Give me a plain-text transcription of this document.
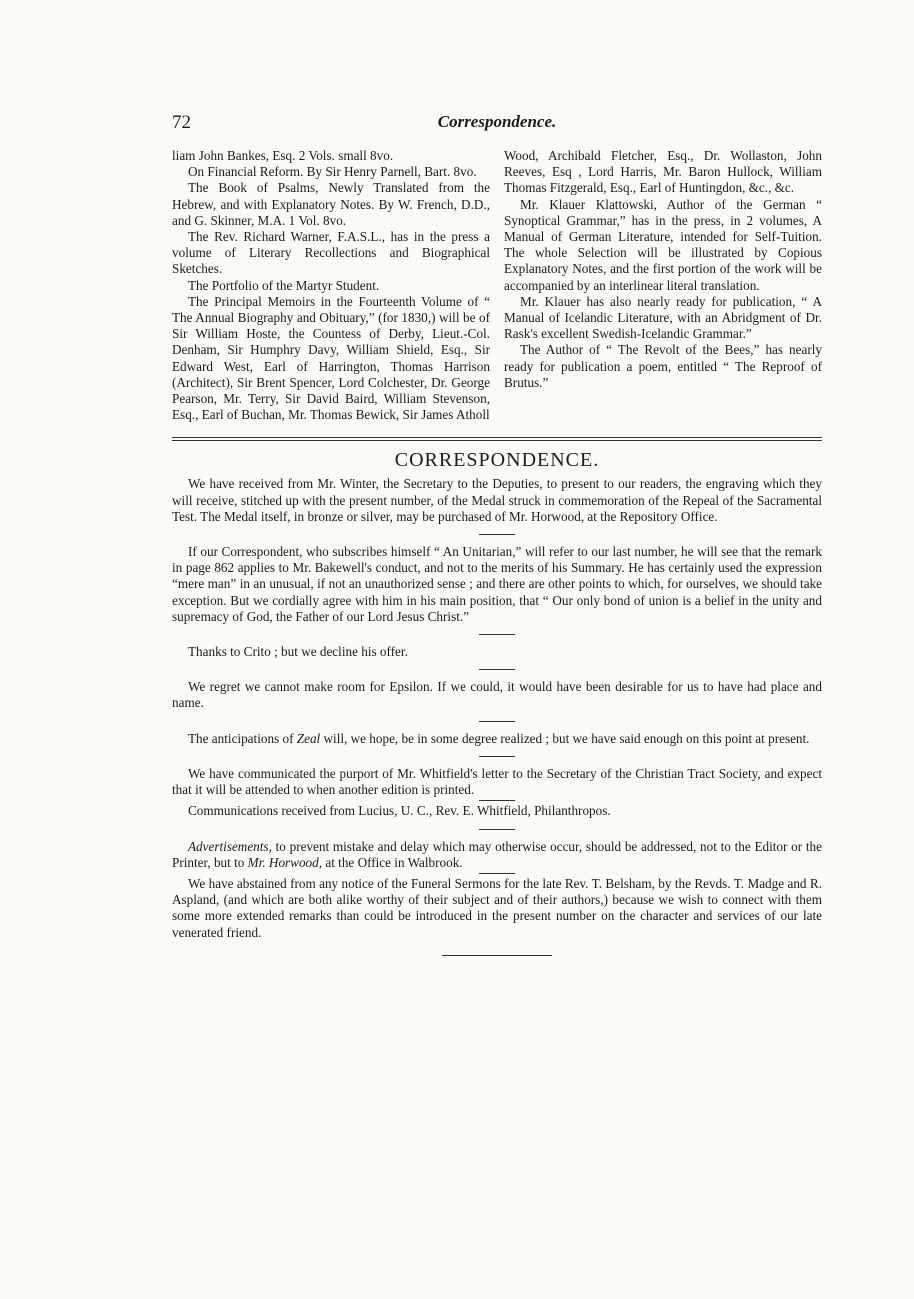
72	Correspondence.

liam John Bankes, Esq. 2 Vols. small 8vo.

On Financial Reform. By Sir Henry Parnell, Bart. 8vo.

The Book of Psalms, Newly Translated from the Hebrew, and with Explanatory Notes. By W. French, D.D., and G. Skinner, M.A. 1 Vol. 8vo.

The Rev. Richard Warner, F.A.S.L., has in the press a volume of Literary Recollections and Biographical Sketches.

The Portfolio of the Martyr Student.

The Principal Memoirs in the Fourteenth Volume of “ The Annual Biography and Obituary,” (for 1830,) will be of Sir William Hoste, the Countess of Derby, Lieut.-Col. Denham, Sir Humphry Davy, William Shield, Esq., Sir Edward West, Earl of Harrington, Thomas Harrison (Architect), Sir Brent Spencer, Lord Colchester, Dr. George Pearson, Mr. Terry, Sir David Baird, William Stevenson, Esq., Earl of Buchan, Mr. Thomas Bewick, Sir James Atholl

Wood, Archibald Fletcher, Esq., Dr. Wollaston, John Reeves, Esq , Lord Harris, Mr. Baron Hullock, William Thomas Fitzgerald, Esq., Earl of Huntingdon, &c., &c.

Mr. Klauer Klattowski, Author of the German “ Synoptical Grammar,” has in the press, in 2 volumes, A Manual of German Literature, intended for Self-Tuition. The whole Selection will be illustrated by Copious Explanatory Notes, and the first portion of the work will be accompanied by an interlinear literal translation.

Mr. Klauer has also nearly ready for publication, “ A Manual of Icelandic Literature, with an Abridgment of Dr. Rask's excellent Swedish-Icelandic Grammar.”

The Author of “ The Revolt of the Bees,” has nearly ready for publication a poem, entitled “ The Reproof of Brutus.”

CORRESPONDENCE.

We have received from Mr. Winter, the Secretary to the Deputies, to present to our readers, the engraving which they will receive, stitched up with the present number, of the Medal struck in commemoration of the Repeal of the Sacramental Test. The Medal itself, in bronze or silver, may be purchased of Mr. Horwood, at the Repository Office.

If our Correspondent, who subscribes himself “ An Unitarian,” will refer to our last number, he will see that the remark in page 862 applies to Mr. Bakewell's conduct, and not to the merits of his Summary. He has certainly used the expression “mere man” in an unusual, if not an unauthorized sense ; and there are other points to which, for ourselves, we should take exception. But we cordially agree with him in his main position, that “ Our only bond of union is a belief in the unity and supremacy of God, the Father of our Lord Jesus Christ.”

Thanks to Crito ; but we decline his offer.

We regret we cannot make room for Epsilon. If we could, it would have been desirable for us to have had place and name.

The anticipations of Zeal will, we hope, be in some degree realized ; but we have said enough on this point at present.

We have communicated the purport of Mr. Whitfield's letter to the Secretary of the Christian Tract Society, and expect that it will be attended to when another edition is printed.

Communications received from Lucius, U. C., Rev. E. Whitfield, Philanthropos.

Advertisements, to prevent mistake and delay which may otherwise occur, should be addressed, not to the Editor or the Printer, but to Mr. Horwood, at the Office in Walbrook.

We have abstained from any notice of the Funeral Sermons for the late Rev. T. Belsham, by the Revds. T. Madge and R. Aspland, (and which are both alike worthy of their subject and of their authors,) because we wish to connect with them some more extended remarks than could be introduced in the present number on the character and services of our late venerated friend.
